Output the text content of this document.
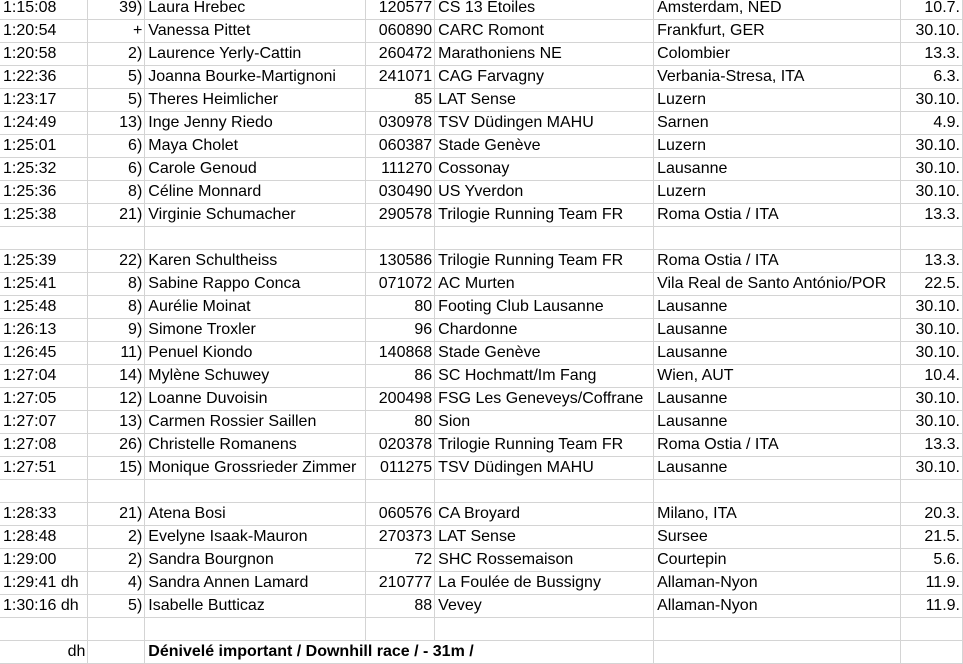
1:15:08	39)	Laura Hrebec	120577	CS 13 Etoiles	Amsterdam, NED	10.7.
1:20:54	+	Vanessa Pittet	060890	CARC Romont	Frankfurt, GER	30.10.
1:20:58	2)	Laurence Yerly-Cattin	260472	Marathoniens NE	Colombier	13.3.
1:22:36	5)	Joanna Bourke-Martignoni	241071	CAG Farvagny	Verbania-Stresa, ITA	6.3.
1:23:17	5)	Theres Heimlicher	85	LAT Sense	Luzern	30.10.
1:24:49	13)	Inge Jenny Riedo	030978	TSV Düdingen MAHU	Sarnen	4.9.
1:25:01	6)	Maya Cholet	060387	Stade Genève	Luzern	30.10.
1:25:32	6)	Carole Genoud	111270	Cossonay	Lausanne	30.10.
1:25:36	8)	Céline Monnard	030490	US Yverdon	Luzern	30.10.
1:25:38	21)	Virginie Schumacher	290578	Trilogie Running Team FR	Roma Ostia / ITA	13.3.

1:25:39	22)	Karen Schultheiss	130586	Trilogie Running Team FR	Roma Ostia / ITA	13.3.
1:25:41	8)	Sabine Rappo Conca	071072	AC Murten	Vila Real de Santo António/POR	22.5.
1:25:48	8)	Aurélie Moinat	80	Footing Club Lausanne	Lausanne	30.10.
1:26:13	9)	Simone Troxler	96	Chardonne	Lausanne	30.10.
1:26:45	11)	Penuel Kiondo	140868	Stade Genève	Lausanne	30.10.
1:27:04	14)	Mylène Schuwey	86	SC Hochmatt/Im Fang	Wien, AUT	10.4.
1:27:05	12)	Loanne Duvoisin	200498	FSG Les Geneveys/Coffrane	Lausanne	30.10.
1:27:07	13)	Carmen Rossier Saillen	80	Sion	Lausanne	30.10.
1:27:08	26)	Christelle Romanens	020378	Trilogie Running Team FR	Roma Ostia / ITA	13.3.
1:27:51	15)	Monique Grossrieder Zimmer	011275	TSV Düdingen MAHU	Lausanne	30.10.

1:28:33	21)	Atena Bosi	060576	CA Broyard	Milano, ITA	20.3.
1:28:48	2)	Evelyne Isaak-Mauron	270373	LAT Sense	Sursee	21.5.
1:29:00	2)	Sandra Bourgnon	72	SHC Rossemaison	Courtepin	5.6.
1:29:41 dh	4)	Sandra Annen Lamard	210777	La Foulée de Bussigny	Allaman-Nyon	11.9.
1:30:16 dh	5)	Isabelle Butticaz	88	Vevey	Allaman-Nyon	11.9.

dh		Dénivelé important / Downhill race / - 31m /				
